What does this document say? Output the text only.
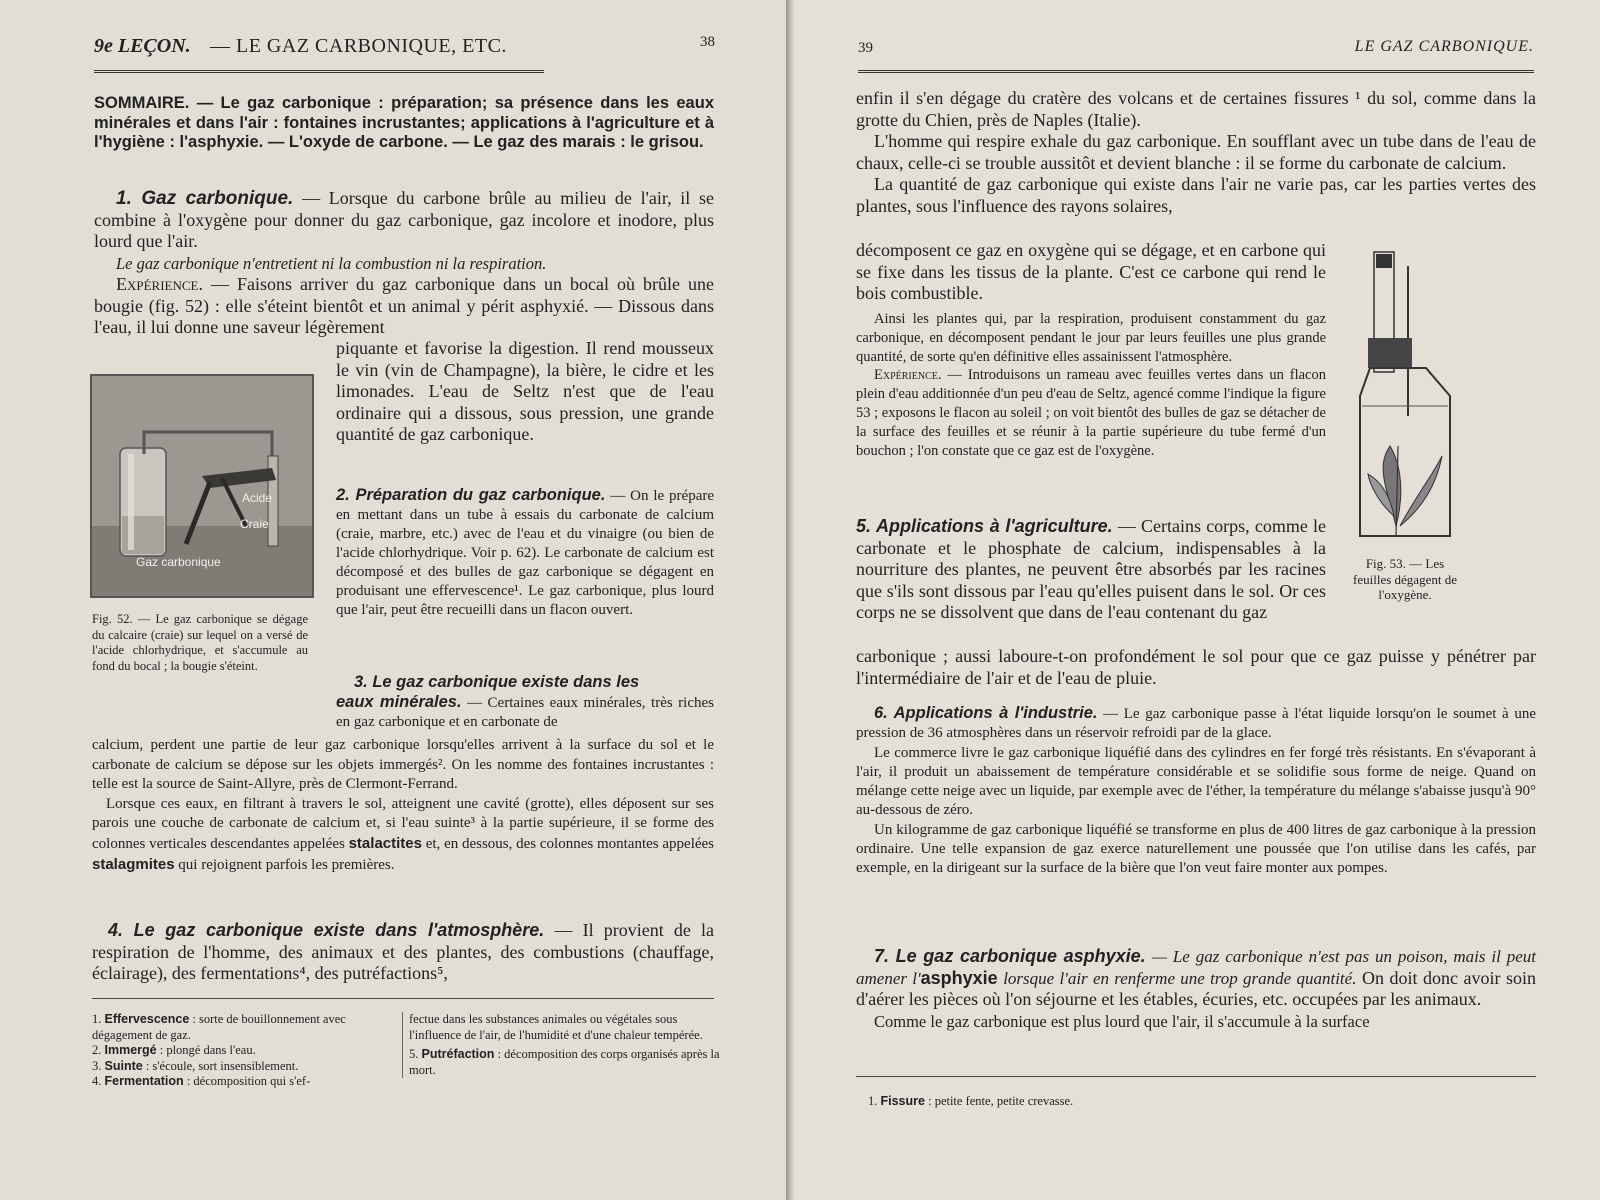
9e LEÇON. — LE GAZ CARBONIQUE, ETC.	38
SOMMAIRE. — Le gaz carbonique : préparation; sa présence dans les eaux minérales et dans l'air : fontaines incrustantes; applications à l'agriculture et à l'hygiène : l'asphyxie. — L'oxyde de carbone. — Le gaz des marais : le grisou.
1. Gaz carbonique. — Lorsque du carbone brûle au milieu de l'air, il se combine à l'oxygène pour donner du gaz carbonique, gaz incolore et inodore, plus lourd que l'air.
Le gaz carbonique n'entretient ni la combustion ni la respiration.
Expérience. — Faisons arriver du gaz carbonique dans un bocal où brûle une bougie (fig. 52) : elle s'éteint bientôt et un animal y périt asphyxié. — Dissous dans l'eau, il lui donne une saveur légèrement
piquante et favorise la digestion. Il rend mousseux le vin (vin de Champagne), la bière, le cidre et les limonades. L'eau de Seltz n'est que de l'eau ordinaire qui a dissous, sous pression, une grande quantité de gaz carbonique.
Acide
Craie
Gaz carbonique
Fig. 52. — Le gaz carbonique se dégage du calcaire (craie) sur lequel on a versé de l'acide chlorhydrique, et s'accumule au fond du bocal ; la bougie s'éteint.
2. Préparation du gaz carbonique. — On le prépare en mettant dans un tube à essais du carbonate de calcium (craie, marbre, etc.) avec de l'eau et du vinaigre (ou bien de l'acide chlorhydrique. Voir p. 62). Le carbonate de calcium est décomposé et des bulles de gaz carbonique se dégagent en produisant une effervescence¹. Le gaz carbonique, plus lourd que l'air, peut être recueilli dans un flacon ouvert.
3. Le gaz carbonique existe dans les
eaux minérales. — Certaines eaux minérales, très riches en gaz carbonique et en carbonate de
calcium, perdent une partie de leur gaz carbonique lorsqu'elles arrivent à la surface du sol et le carbonate de calcium se dépose sur les objets immergés². On les nomme des fontaines incrustantes : telle est la source de Saint-Allyre, près de Clermont-Ferrand.
Lorsque ces eaux, en filtrant à travers le sol, atteignent une cavité (grotte), elles déposent sur ses parois une couche de carbonate de calcium et, si l'eau suinte³ à la partie supérieure, il se forme des colonnes verticales descendantes appelées stalactites et, en dessous, des colonnes montantes appelées stalagmites qui rejoignent parfois les premières.
4. Le gaz carbonique existe dans l'atmosphère. — Il provient de la respiration de l'homme, des animaux et des plantes, des combustions (chauffage, éclairage), des fermentations⁴, des putréfactions⁵,
1. Effervescence : sorte de bouillonnement avec dégagement de gaz.
2. Immergé : plongé dans l'eau.
3. Suinte : s'écoule, sort insensiblement.
4. Fermentation : décomposition qui s'ef-
fectue dans les substances animales ou végétales sous l'influence de l'air, de l'humidité et d'une chaleur tempérée.
5. Putréfaction : décomposition des corps organisés après la mort.
39	LE GAZ CARBONIQUE.
enfin il s'en dégage du cratère des volcans et de certaines fissures ¹ du sol, comme dans la grotte du Chien, près de Naples (Italie).
L'homme qui respire exhale du gaz carbonique. En soufflant avec un tube dans de l'eau de chaux, celle-ci se trouble aussitôt et devient blanche : il se forme du carbonate de calcium.
La quantité de gaz carbonique qui existe dans l'air ne varie pas, car les parties vertes des plantes, sous l'influence des rayons solaires,
décomposent ce gaz en oxygène qui se dégage, et en carbone qui se fixe dans les tissus de la plante. C'est ce carbone qui rend le bois combustible.
Ainsi les plantes qui, par la respiration, produisent constamment du gaz carbonique, en décomposent pendant le jour par leurs feuilles une plus grande quantité, de sorte qu'en définitive elles assainissent l'atmosphère.
Expérience. — Introduisons un rameau avec feuilles vertes dans un flacon plein d'eau additionnée d'un peu d'eau de Seltz, agencé comme l'indique la figure 53 ; exposons le flacon au soleil ; on voit bientôt des bulles de gaz se détacher de la surface des feuilles et se réunir à la partie supérieure du tube fermé d'un bouchon ; l'on constate que ce gaz est de l'oxygène.
Fig. 53. — Les feuilles dégagent de l'oxygène.
5. Applications à l'agriculture. — Certains corps, comme le carbonate et le phosphate de calcium, indispensables à la nourriture des plantes, ne peuvent être absorbés par les racines que s'ils sont dissous par l'eau qu'elles puisent dans le sol. Or ces corps ne se dissolvent que dans de l'eau contenant du gaz
carbonique ; aussi laboure-t-on profondément le sol pour que ce gaz puisse y pénétrer par l'intermédiaire de l'air et de l'eau de pluie.
6. Applications à l'industrie. — Le gaz carbonique passe à l'état liquide lorsqu'on le soumet à une pression de 36 atmosphères dans un réservoir refroidi par de la glace.
Le commerce livre le gaz carbonique liquéfié dans des cylindres en fer forgé très résistants. En s'évaporant à l'air, il produit un abaissement de température considérable et se solidifie sous forme de neige. Quand on mélange cette neige avec un liquide, par exemple avec de l'éther, la température du mélange s'abaisse jusqu'à 90° au-dessous de zéro.
Un kilogramme de gaz carbonique liquéfié se transforme en plus de 400 litres de gaz carbonique à la pression ordinaire. Une telle expansion de gaz exerce naturellement une poussée que l'on utilise dans les cafés, par exemple, en la dirigeant sur la surface de la bière que l'on veut faire monter aux pompes.
7. Le gaz carbonique asphyxie. — Le gaz carbonique n'est pas un poison, mais il peut amener l'asphyxie lorsque l'air en renferme une trop grande quantité. On doit donc avoir soin d'aérer les pièces où l'on séjourne et les étables, écuries, etc. occupées par les animaux.
Comme le gaz carbonique est plus lourd que l'air, il s'accumule à la surface
1. Fissure : petite fente, petite crevasse.
